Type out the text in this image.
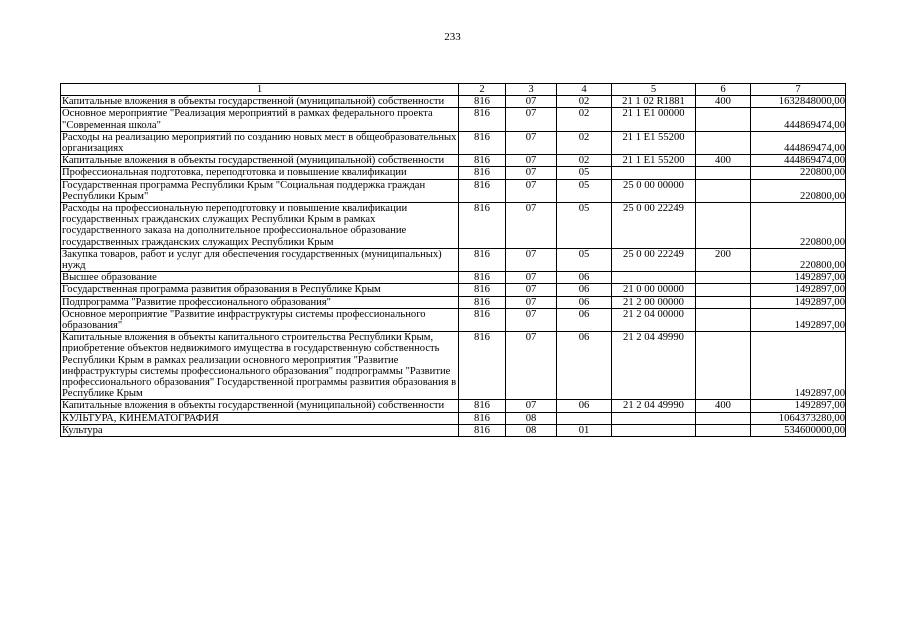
233
1	2	3	4	5	6	7
Капитальные вложения в объекты государственной (муниципальной) собственности	816	07	02	21 1 02 R1881	400	1632848000,00
Основное мероприятие "Реализация мероприятий в рамках федерального проекта "Современная школа"	816	07	02	21 1 E1 00000		444869474,00
Расходы на реализацию мероприятий по созданию новых мест в общеобразовательных организациях	816	07	02	21 1 E1 55200		444869474,00
Капитальные вложения в объекты государственной (муниципальной) собственности	816	07	02	21 1 E1 55200	400	444869474,00
Профессиональная подготовка, переподготовка и повышение квалификации	816	07	05			220800,00
Государственная программа Республики Крым "Социальная поддержка граждан Республики Крым"	816	07	05	25 0 00 00000		220800,00
Расходы на профессиональную переподготовку и повышение квалификации государственных гражданских служащих Республики Крым в рамках государственного заказа на дополнительное профессиональное образование государственных гражданских служащих Республики Крым	816	07	05	25 0 00 22249		220800,00
Закупка товаров, работ и услуг для обеспечения государственных (муниципальных) нужд	816	07	05	25 0 00 22249	200	220800,00
Высшее образование	816	07	06			1492897,00
Государственная программа развития образования в Республике Крым	816	07	06	21 0 00 00000		1492897,00
Подпрограмма "Развитие профессионального образования"	816	07	06	21 2 00 00000		1492897,00
Основное мероприятие "Развитие инфраструктуры системы профессионального образования"	816	07	06	21 2 04 00000		1492897,00
Капитальные вложения в объекты капитального строительства Республики Крым, приобретение объектов недвижимого имущества в государственную собственность Республики Крым в рамках реализации основного мероприятия "Развитие инфраструктуры системы профессионального образования" подпрограммы "Развитие профессионального образования" Государственной программы развития образования в Республике Крым	816	07	06	21 2 04 49990		1492897,00
Капитальные вложения в объекты государственной (муниципальной) собственности	816	07	06	21 2 04 49990	400	1492897,00
КУЛЬТУРА, КИНЕМАТОГРАФИЯ	816	08				1064373280,00
Культура	816	08	01			534600000,00
